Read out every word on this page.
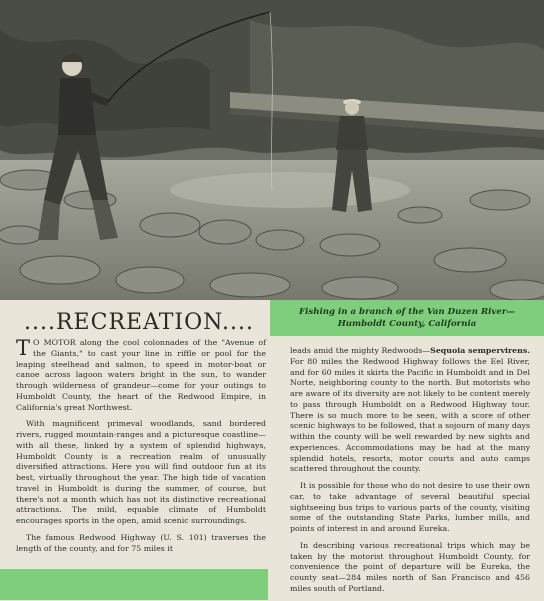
Fishing in a branch of the Van Duzen River—
Humboldt County, California
....RECREATION....

T O MOTOR along the cool colonnades of the "Avenue of the Giants," to cast your line in riffle or pool for the leaping steelhead and salmon, to speed in motor-boat or canoe across lagoon waters bright in the sun, to wander through wilderness of grandeur—come for your outings to Humboldt County, the heart of the Redwood Empire, in California's great Northwest.

With magnificent primeval woodlands, sand bordered rivers, rugged mountain-ranges and a picturesque coastline—with all these, linked by a system of splendid highways, Humboldt County is a recreation realm of unusually diversified attractions. Here you will find outdoor fun at its best, virtually throughout the year. The high tide of vacation travel in Humboldt is during the summer, of course, but there's not a month which has not its distinctive recreational attractions. The mild, equable climate of Humboldt encourages sports in the open, amid scenic surroundings.

The famous Redwood Highway (U. S. 101) traverses the length of the county, and for 75 miles it

leads amid the mighty Redwoods—Sequoia sempervirens. For 80 miles the Redwood Highway follows the Eel River, and for 60 miles it skirts the Pacific in Humboldt and in Del Norte, neighboring county to the north. But motorists who are aware of its diversity are not likely to be content merely to pass through Humboldt on a Redwood Highway tour. There is so much more to be seen, with a score of other scenic highways to be followed, that a sojourn of many days within the county will be well rewarded by new sights and experiences. Accommodations may be had at the many splendid hotels, resorts, motor courts and auto camps scattered throughout the county.

It is possible for those who do not desire to use their own car, to take advantage of several beautiful special sightseeing bus trips to various parts of the county, visiting some of the outstanding State Parks, lumber mills, and points of interest in and around Eureka.

In describing various recreational trips which may be taken by the motorist throughout Humboldt County, for convenience the point of departure will be Eureka, the county seat—284 miles north of San Francisco and 456 miles south of Portland.
